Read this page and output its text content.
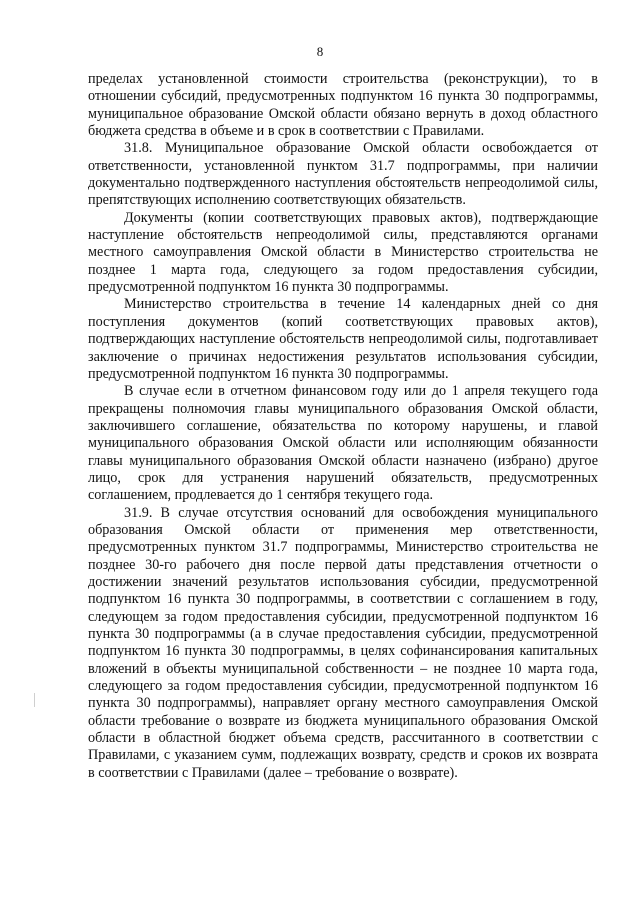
8

пределах установленной стоимости строительства (реконструкции), то в отношении субсидий, предусмотренных подпунктом 16 пункта 30 подпрограммы, муниципальное образование Омской области обязано вернуть в доход областного бюджета средства в объеме и в срок в соответствии с Правилами.

31.8. Муниципальное образование Омской области освобождается от ответственности, установленной пунктом 31.7 подпрограммы, при наличии документально подтвержденного наступления обстоятельств непреодолимой силы, препятствующих исполнению соответствующих обязательств.

Документы (копии соответствующих правовых актов), подтверждающие наступление обстоятельств непреодолимой силы, представляются органами местного самоуправления Омской области в Министерство строительства не позднее 1 марта года, следующего за годом предоставления субсидии, предусмотренной подпунктом 16 пункта 30 подпрограммы.

Министерство строительства в течение 14 календарных дней со дня поступления документов (копий соответствующих правовых актов), подтверждающих наступление обстоятельств непреодолимой силы, подготавливает заключение о причинах недостижения результатов использования субсидии, предусмотренной подпунктом 16 пункта 30 подпрограммы.

В случае если в отчетном финансовом году или до 1 апреля текущего года прекращены полномочия главы муниципального образования Омской области, заключившего соглашение, обязательства по которому нарушены, и главой муниципального образования Омской области или исполняющим обязанности главы муниципального образования Омской области назначено (избрано) другое лицо, срок для устранения нарушений обязательств, предусмотренных соглашением, продлевается до 1 сентября текущего года.

31.9. В случае отсутствия оснований для освобождения муниципального образования Омской области от применения мер ответственности, предусмотренных пунктом 31.7 подпрограммы, Министерство строительства не позднее 30-го рабочего дня после первой даты представления отчетности о достижении значений результатов использования субсидии, предусмотренной подпунктом 16 пункта 30 подпрограммы, в соответствии с соглашением в году, следующем за годом предоставления субсидии, предусмотренной подпунктом 16 пункта 30 подпрограммы (а в случае предоставления субсидии, предусмотренной подпунктом 16 пункта 30 подпрограммы, в целях софинансирования капитальных вложений в объекты муниципальной собственности – не позднее 10 марта года, следующего за годом предоставления субсидии, предусмотренной подпунктом 16 пункта 30 подпрограммы), направляет органу местного самоуправления Омской области требование о возврате из бюджета муниципального образования Омской области в областной бюджет объема средств, рассчитанного в соответствии с Правилами, с указанием сумм, подлежащих возврату, средств и сроков их возврата в соответствии с Правилами (далее – требование о возврате).
